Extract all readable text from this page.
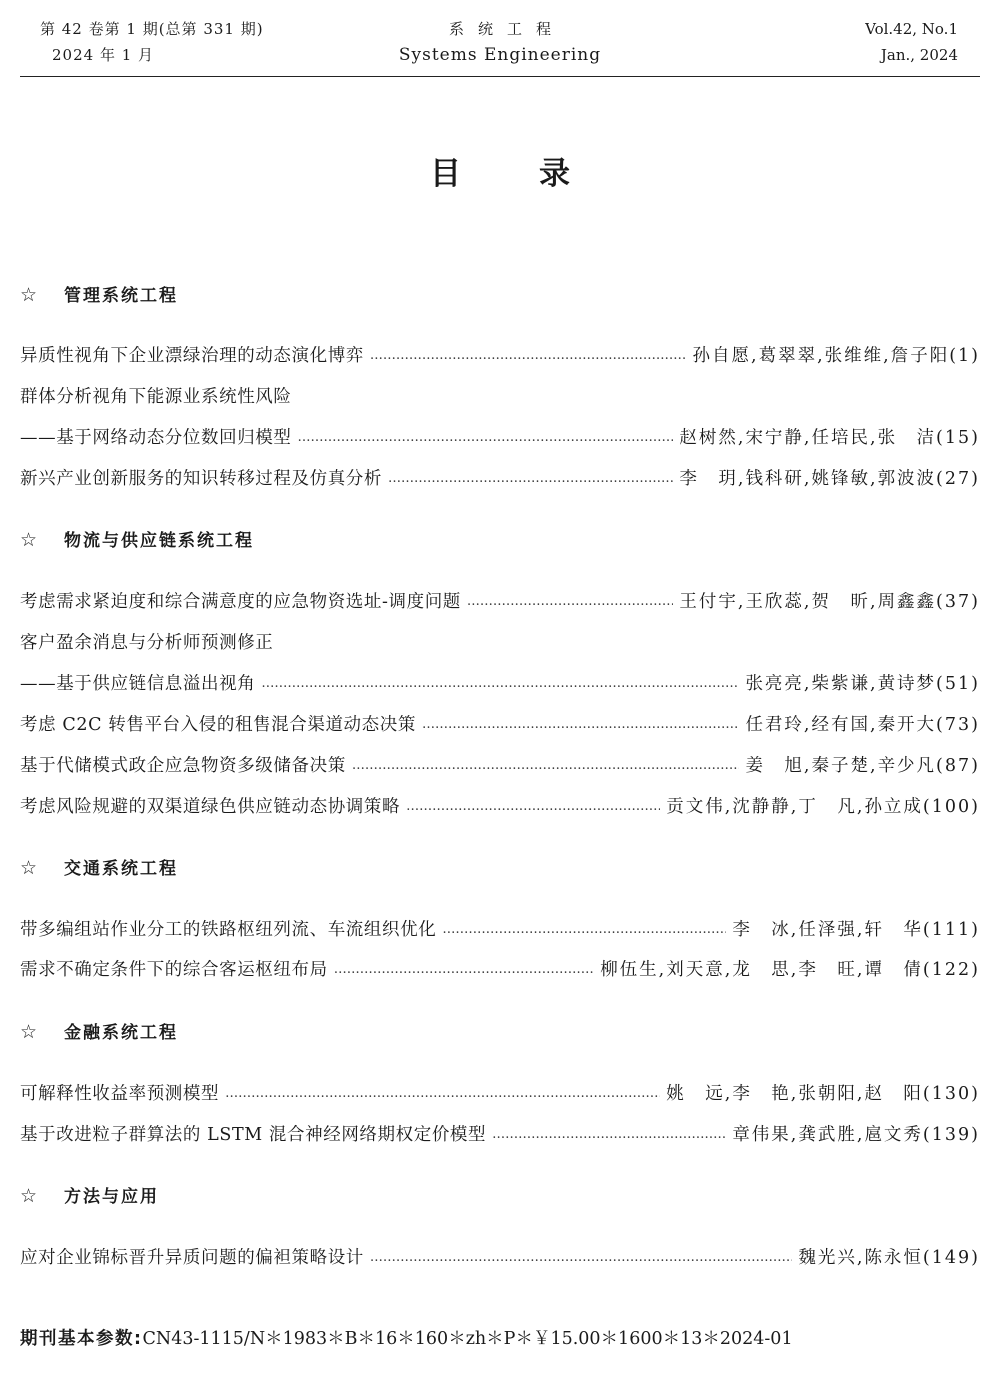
第 42 卷第 1 期(总第 331 期)
2024 年 1 月
系统工程
Systems Engineering
Vol.42, No.1
Jan., 2024
目录
☆ 管理系统工程
异质性视角下企业漂绿治理的动态演化博弈 …………………………………………………………………………………………………………………………………………………………………………………………	孙自愿,葛翠翠,张维维,詹子阳(1)
群体分析视角下能源业系统性风险
——基于网络动态分位数回归模型 …………………………………………………………………………………………………………………………………………………………………………………………	赵树然,宋宁静,任培民,张　洁(15)
新兴产业创新服务的知识转移过程及仿真分析 …………………………………………………………………………………………………………………………………………………………………………………………	李　玥,钱科研,姚锋敏,郭波波(27)
☆ 物流与供应链系统工程
考虑需求紧迫度和综合满意度的应急物资选址-调度问题 …………………………………………………………………………………………………………………………………………………………………………………………	王付宇,王欣蕊,贺　昕,周鑫鑫(37)
客户盈余消息与分析师预测修正
——基于供应链信息溢出视角 …………………………………………………………………………………………………………………………………………………………………………………………	张亮亮,柴紫谦,黄诗梦(51)
考虑 C2C 转售平台入侵的租售混合渠道动态决策 …………………………………………………………………………………………………………………………………………………………………………………………	任君玲,经有国,秦开大(73)
基于代储模式政企应急物资多级储备决策 …………………………………………………………………………………………………………………………………………………………………………………………	姜　旭,秦子楚,辛少凡(87)
考虑风险规避的双渠道绿色供应链动态协调策略 …………………………………………………………………………………………………………………………………………………………………………………………	贡文伟,沈静静,丁　凡,孙立成(100)
☆ 交通系统工程
带多编组站作业分工的铁路枢纽列流、车流组织优化 …………………………………………………………………………………………………………………………………………………………………………………………	李　冰,任泽强,轩　华(111)
需求不确定条件下的综合客运枢纽布局 …………………………………………………………………………………………………………………………………………………………………………………………	柳伍生,刘天意,龙　思,李　旺,谭　倩(122)
☆ 金融系统工程
可解释性收益率预测模型 …………………………………………………………………………………………………………………………………………………………………………………………	姚　远,李　艳,张朝阳,赵　阳(130)
基于改进粒子群算法的 LSTM 混合神经网络期权定价模型 …………………………………………………………………………………………………………………………………………………………………………………………	章伟果,龚武胜,扈文秀(139)
☆ 方法与应用
应对企业锦标晋升异质问题的偏袒策略设计 …………………………………………………………………………………………………………………………………………………………………………………………	魏光兴,陈永恒(149)
期刊基本参数:CN43-1115/N＊1983＊B＊16＊160＊zh＊P＊￥15.00＊1600＊13＊2024-01
